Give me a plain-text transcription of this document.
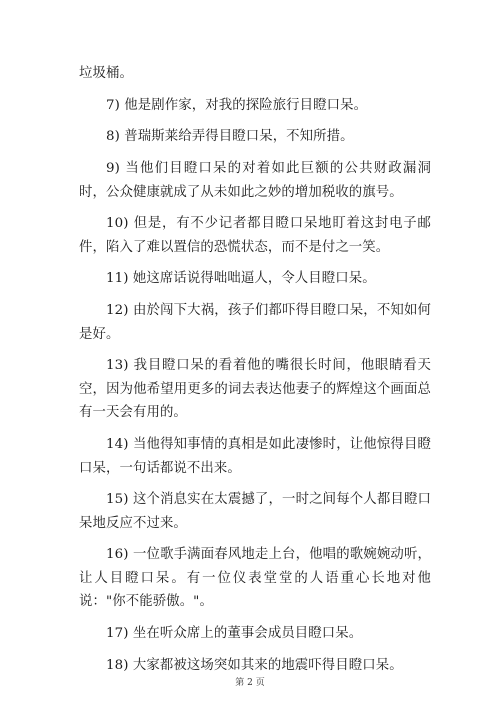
垃圾桶。

7) 他是剧作家，对我的探险旅行目瞪口呆。

8) 普瑞斯莱给弄得目瞪口呆，不知所措。

9) 当他们目瞪口呆的对着如此巨额的公共财政漏洞时，公众健康就成了从未如此之妙的增加税收的旗号。

10) 但是，有不少记者都目瞪口呆地盯着这封电子邮件，陷入了难以置信的恐慌状态，而不是付之一笑。

11) 她这席话说得咄咄逼人，令人目瞪口呆。

12) 由於闯下大祸，孩子们都吓得目瞪口呆，不知如何是好。

13) 我目瞪口呆的看着他的嘴很长时间，他眼睛看天空，因为他希望用更多的词去表达他妻子的辉煌这个画面总有一天会有用的。

14) 当他得知事情的真相是如此凄惨时，让他惊得目瞪口呆，一句话都说不出来。

15) 这个消息实在太震撼了，一时之间每个人都目瞪口呆地反应不过来。

16) 一位歌手满面春风地走上台，他唱的歌婉婉动听，让人目瞪口呆。有一位仪表堂堂的人语重心长地对他说："你不能骄傲。"。

17) 坐在听众席上的董事会成员目瞪口呆。

18) 大家都被这场突如其来的地震吓得目瞪口呆。

第 2 页
